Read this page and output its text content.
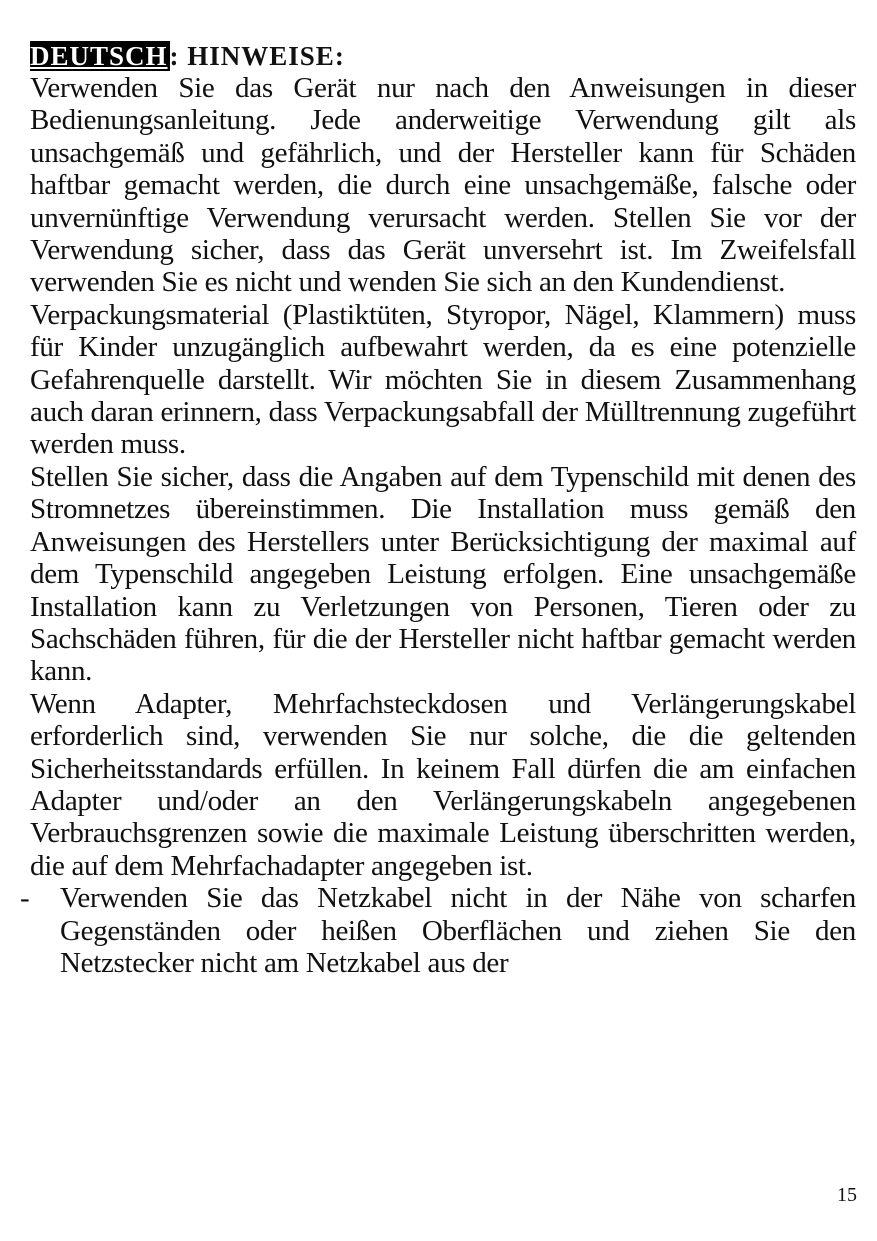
DEUTSCH: HINWEISE:

Verwenden Sie das Gerät nur nach den Anweisungen in dieser Bedienungsanleitung. Jede anderweitige Verwendung gilt als unsachgemäß und gefährlich, und der Hersteller kann für Schäden haftbar gemacht werden, die durch eine unsachgemäße, falsche oder unvernünftige Verwendung verursacht werden. Stellen Sie vor der Verwendung sicher, dass das Gerät unversehrt ist. Im Zweifelsfall verwenden Sie es nicht und wenden Sie sich an den Kundendienst.

Verpackungsmaterial (Plastiktüten, Styropor, Nägel, Klammern) muss für Kinder unzugänglich aufbewahrt werden, da es eine potenzielle Gefahrenquelle darstellt. Wir möchten Sie in diesem Zusammenhang auch daran erinnern, dass Verpackungsabfall der Mülltrennung zugeführt werden muss.

Stellen Sie sicher, dass die Angaben auf dem Typenschild mit denen des Stromnetzes übereinstimmen. Die Installation muss gemäß den Anweisungen des Herstellers unter Berücksichtigung der maximal auf dem Typenschild angegeben Leistung erfolgen. Eine unsachgemäße Installation kann zu Verletzungen von Personen, Tieren oder zu Sachschäden führen, für die der Hersteller nicht haftbar gemacht werden kann.

Wenn Adapter, Mehrfachsteckdosen und Verlängerungskabel erforderlich sind, verwenden Sie nur solche, die die geltenden Sicherheitsstandards erfüllen. In keinem Fall dürfen die am einfachen Adapter und/oder an den Verlängerungskabeln angegebenen Verbrauchsgrenzen sowie die maximale Leistung überschritten werden, die auf dem Mehrfachadapter angegeben ist.

-	Verwenden Sie das Netzkabel nicht in der Nähe von scharfen Gegenständen oder heißen Oberflächen und ziehen Sie den Netzstecker nicht am Netzkabel aus der

15
